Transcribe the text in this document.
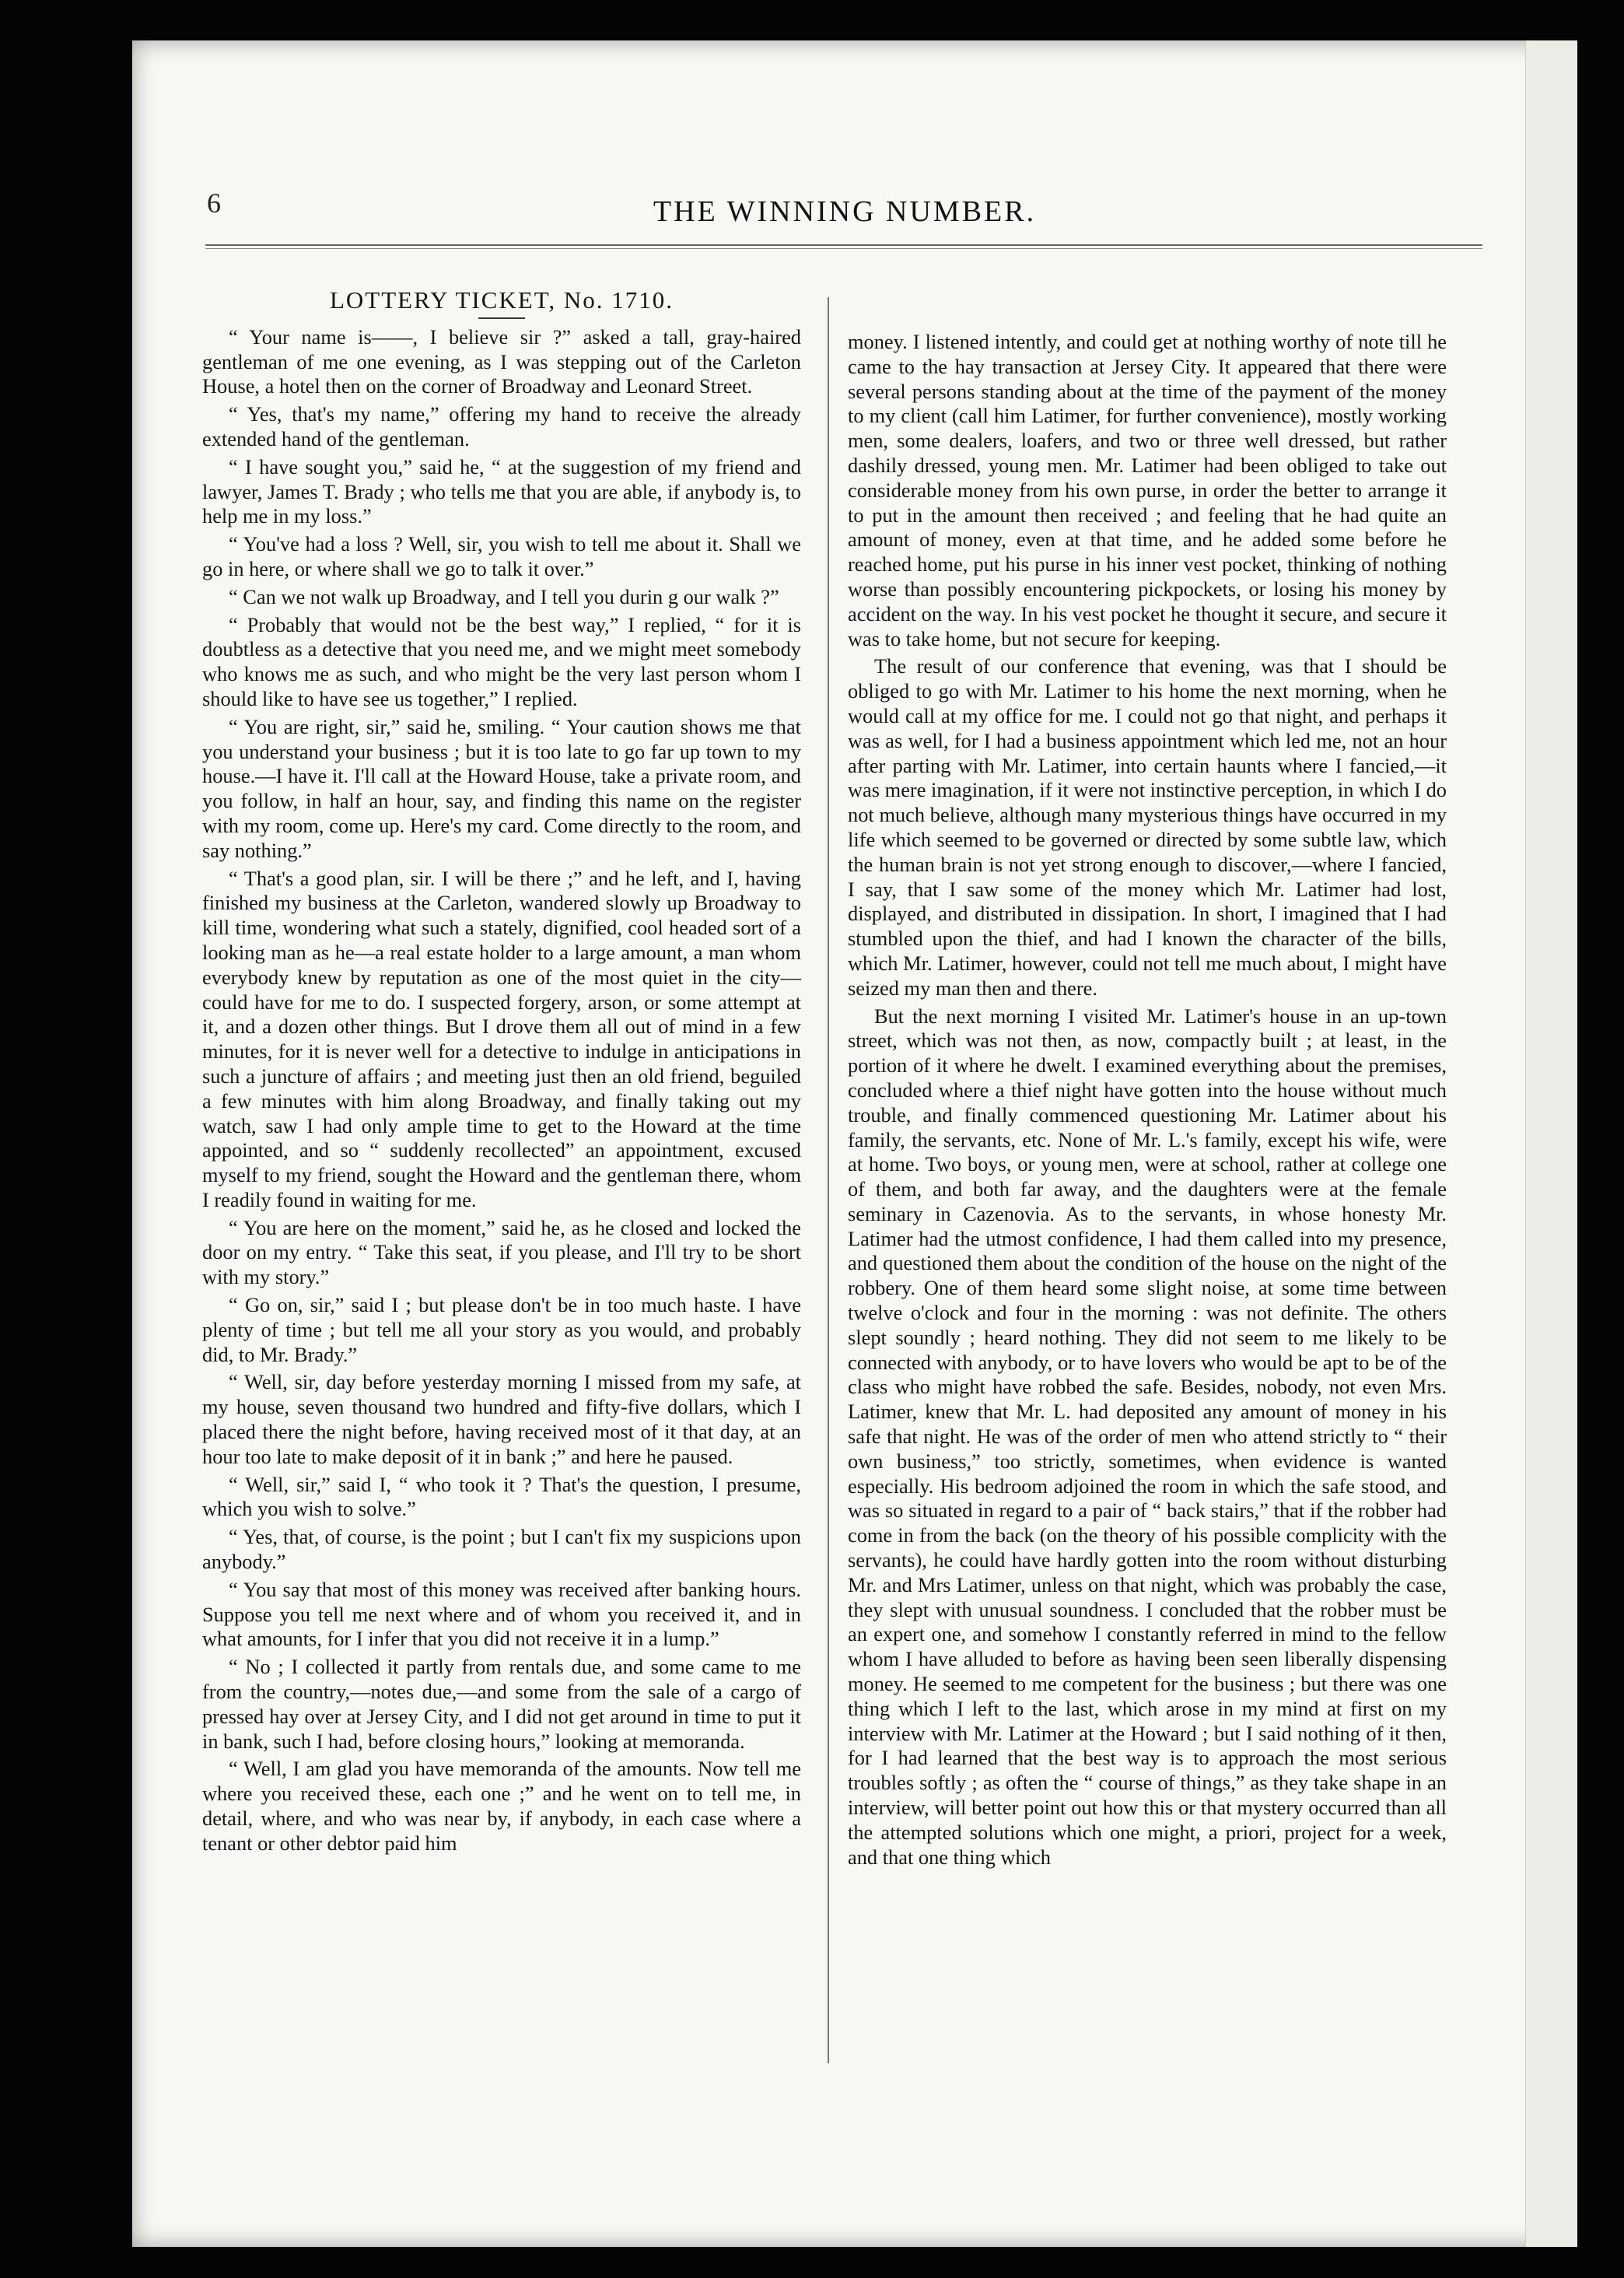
6	THE WINNING NUMBER.
LOTTERY TICKET, No. 1710.

“ Your name is——, I believe sir ?” asked a tall, gray-haired gentleman of me one evening, as I was stepping out of the Carleton House, a hotel then on the corner of Broadway and Leonard Street.

“ Yes, that's my name,” offering my hand to receive the already extended hand of the gentleman.

“ I have sought you,” said he, “ at the suggestion of my friend and lawyer, James T. Brady ; who tells me that you are able, if anybody is, to help me in my loss.”

“ You've had a loss ? Well, sir, you wish to tell me about it. Shall we go in here, or where shall we go to talk it over.”

“ Can we not walk up Broadway, and I tell you durin g our walk ?”

“ Probably that would not be the best way,” I replied, “ for it is doubtless as a detective that you need me, and we might meet somebody who knows me as such, and who might be the very last person whom I should like to have see us together,” I replied.

“ You are right, sir,” said he, smiling. “ Your caution shows me that you understand your business ; but it is too late to go far up town to my house.—I have it. I'll call at the Howard House, take a private room, and you follow, in half an hour, say, and finding this name on the register with my room, come up. Here's my card. Come directly to the room, and say nothing.”

“ That's a good plan, sir. I will be there ;” and he left, and I, having finished my business at the Carleton, wandered slowly up Broadway to kill time, wondering what such a stately, dignified, cool headed sort of a looking man as he—a real estate holder to a large amount, a man whom everybody knew by reputation as one of the most quiet in the city—could have for me to do. I suspected forgery, arson, or some attempt at it, and a dozen other things. But I drove them all out of mind in a few minutes, for it is never well for a detective to indulge in anticipations in such a juncture of affairs ; and meeting just then an old friend, beguiled a few minutes with him along Broadway, and finally taking out my watch, saw I had only ample time to get to the Howard at the time appointed, and so “ suddenly recollected” an appointment, excused myself to my friend, sought the Howard and the gentleman there, whom I readily found in waiting for me.

“ You are here on the moment,” said he, as he closed and locked the door on my entry. “ Take this seat, if you please, and I'll try to be short with my story.”

“ Go on, sir,” said I ; but please don't be in too much haste. I have plenty of time ; but tell me all your story as you would, and probably did, to Mr. Brady.”

“ Well, sir, day before yesterday morning I missed from my safe, at my house, seven thousand two hundred and fifty-five dollars, which I placed there the night before, having received most of it that day, at an hour too late to make deposit of it in bank ;” and here he paused.

“ Well, sir,” said I, “ who took it ? That's the question, I presume, which you wish to solve.”

“ Yes, that, of course, is the point ; but I can't fix my suspicions upon anybody.”

“ You say that most of this money was received after banking hours. Suppose you tell me next where and of whom you received it, and in what amounts, for I infer that you did not receive it in a lump.”

“ No ; I collected it partly from rentals due, and some came to me from the country,—notes due,—and some from the sale of a cargo of pressed hay over at Jersey City, and I did not get around in time to put it in bank, such I had, before closing hours,” looking at memoranda.

“ Well, I am glad you have memoranda of the amounts. Now tell me where you received these, each one ;” and he went on to tell me, in detail, where, and who was near by, if anybody, in each case where a tenant or other debtor paid him

money. I listened intently, and could get at nothing worthy of note till he came to the hay transaction at Jersey City. It appeared that there were several persons standing about at the time of the payment of the money to my client (call him Latimer, for further convenience), mostly working men, some dealers, loafers, and two or three well dressed, but rather dashily dressed, young men. Mr. Latimer had been obliged to take out considerable money from his own purse, in order the better to arrange it to put in the amount then received ; and feeling that he had quite an amount of money, even at that time, and he added some before he reached home, put his purse in his inner vest pocket, thinking of nothing worse than possibly encountering pickpockets, or losing his money by accident on the way. In his vest pocket he thought it secure, and secure it was to take home, but not secure for keeping.

The result of our conference that evening, was that I should be obliged to go with Mr. Latimer to his home the next morning, when he would call at my office for me. I could not go that night, and perhaps it was as well, for I had a business appointment which led me, not an hour after parting with Mr. Latimer, into certain haunts where I fancied,—it was mere imagination, if it were not instinctive perception, in which I do not much believe, although many mysterious things have occurred in my life which seemed to be governed or directed by some subtle law, which the human brain is not yet strong enough to discover,—where I fancied, I say, that I saw some of the money which Mr. Latimer had lost, displayed, and distributed in dissipation. In short, I imagined that I had stumbled upon the thief, and had I known the character of the bills, which Mr. Latimer, however, could not tell me much about, I might have seized my man then and there.

But the next morning I visited Mr. Latimer's house in an up-town street, which was not then, as now, compactly built ; at least, in the portion of it where he dwelt. I examined everything about the premises, concluded where a thief night have gotten into the house without much trouble, and finally commenced questioning Mr. Latimer about his family, the servants, etc. None of Mr. L.'s family, except his wife, were at home. Two boys, or young men, were at school, rather at college one of them, and both far away, and the daughters were at the female seminary in Cazenovia. As to the servants, in whose honesty Mr. Latimer had the utmost confidence, I had them called into my presence, and questioned them about the condition of the house on the night of the robbery. One of them heard some slight noise, at some time between twelve o'clock and four in the morning : was not definite. The others slept soundly ; heard nothing. They did not seem to me likely to be connected with anybody, or to have lovers who would be apt to be of the class who might have robbed the safe. Besides, nobody, not even Mrs. Latimer, knew that Mr. L. had deposited any amount of money in his safe that night. He was of the order of men who attend strictly to “ their own business,” too strictly, sometimes, when evidence is wanted especially. His bedroom adjoined the room in which the safe stood, and was so situated in regard to a pair of “ back stairs,” that if the robber had come in from the back (on the theory of his possible complicity with the servants), he could have hardly gotten into the room without disturbing Mr. and Mrs Latimer, unless on that night, which was probably the case, they slept with unusual soundness. I concluded that the robber must be an expert one, and somehow I constantly referred in mind to the fellow whom I have alluded to before as having been seen liberally dispensing money. He seemed to me competent for the business ; but there was one thing which I left to the last, which arose in my mind at first on my interview with Mr. Latimer at the Howard ; but I said nothing of it then, for I had learned that the best way is to approach the most serious troubles softly ; as often the “ course of things,” as they take shape in an interview, will better point out how this or that mystery occurred than all the attempted solutions which one might, a priori, project for a week, and that one thing which
